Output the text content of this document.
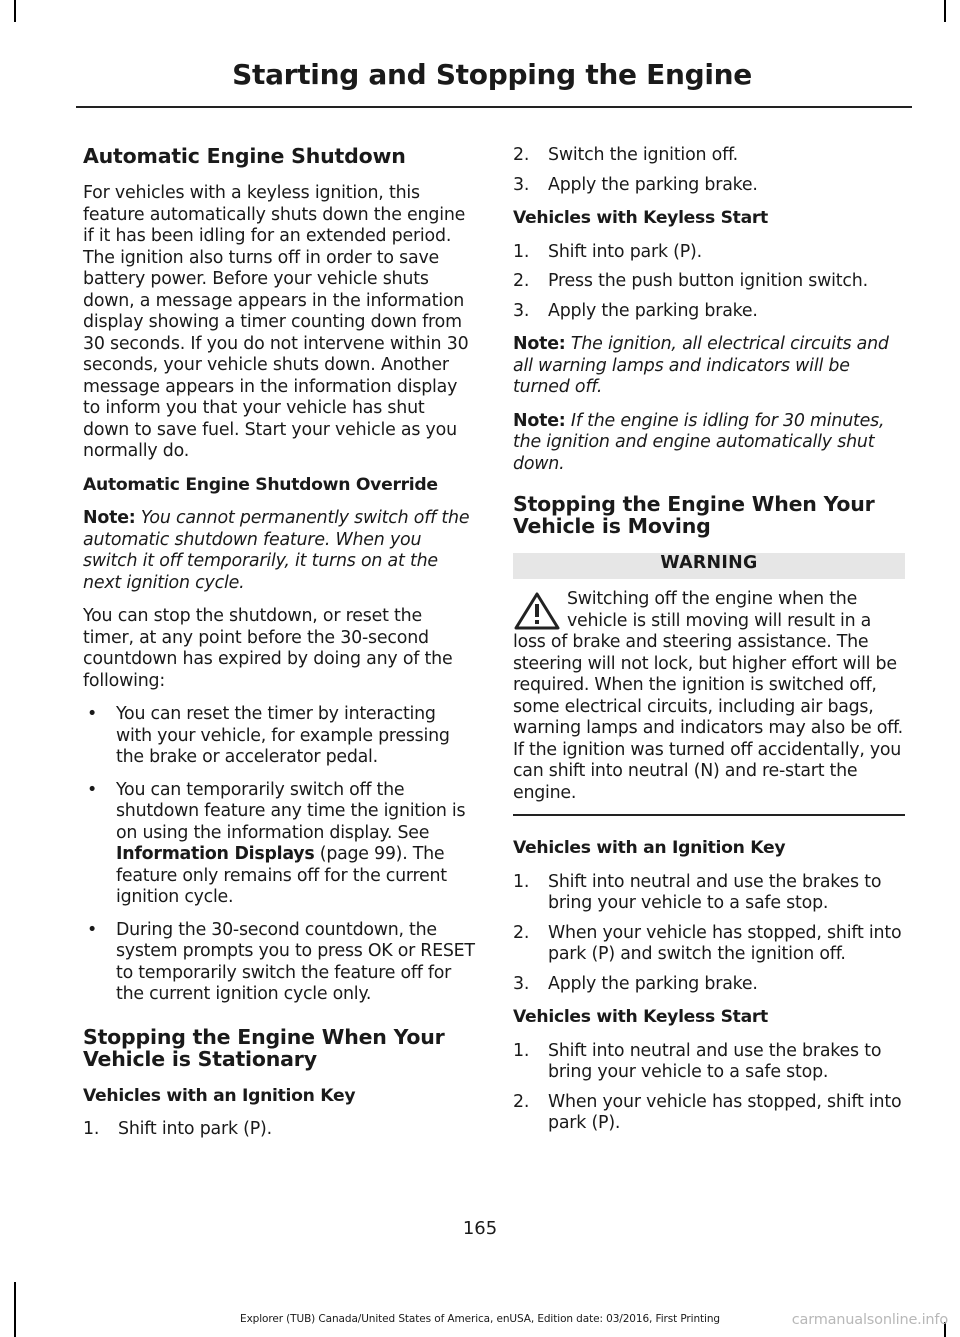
Starting and Stopping the Engine
Automatic Engine Shutdown

For vehicles with a keyless ignition, this feature automatically shuts down the engine if it has been idling for an extended period. The ignition also turns off in order to save battery power. Before your vehicle shuts down, a message appears in the information display showing a timer counting down from 30 seconds. If you do not intervene within 30 seconds, your vehicle shuts down. Another message appears in the information display to inform you that your vehicle has shut down to save fuel. Start your vehicle as you normally do.

Automatic Engine Shutdown Override

Note: You cannot permanently switch off the automatic shutdown feature. When you switch it off temporarily, it turns on at the next ignition cycle.

You can stop the shutdown, or reset the timer, at any point before the 30-second countdown has expired by doing any of the following:

• You can reset the timer by interacting with your vehicle, for example pressing the brake or accelerator pedal.
• You can temporarily switch off the shutdown feature any time the ignition is on using the information display. See Information Displays (page 99). The feature only remains off for the current ignition cycle.
• During the 30-second countdown, the system prompts you to press OK or RESET to temporarily switch the feature off for the current ignition cycle only.
Stopping the Engine When Your Vehicle is Stationary
Vehicles with an Ignition Key
1. Shift into park (P).
2. Switch the ignition off.
3. Apply the parking brake.
Vehicles with Keyless Start
1. Shift into park (P).
2. Press the push button ignition switch.
3. Apply the parking brake.

Note: The ignition, all electrical circuits and all warning lamps and indicators will be turned off.

Note: If the engine is idling for 30 minutes, the ignition and engine automatically shut down.

Stopping the Engine When Your Vehicle is Moving
WARNING
Switching off the engine when the vehicle is still moving will result in a loss of brake and steering assistance. The steering will not lock, but higher effort will be required. When the ignition is switched off, some electrical circuits, including air bags, warning lamps and indicators may also be off. If the ignition was turned off accidentally, you can shift into neutral (N) and re-start the engine.
Vehicles with an Ignition Key
1. Shift into neutral and use the brakes to bring your vehicle to a safe stop.
2. When your vehicle has stopped, shift into park (P) and switch the ignition off.
3. Apply the parking brake.
Vehicles with Keyless Start
1. Shift into neutral and use the brakes to bring your vehicle to a safe stop.
2. When your vehicle has stopped, shift into park (P).
165
Explorer (TUB) Canada/United States of America, enUSA, Edition date: 03/2016, First Printing	carmanualsonline.info
